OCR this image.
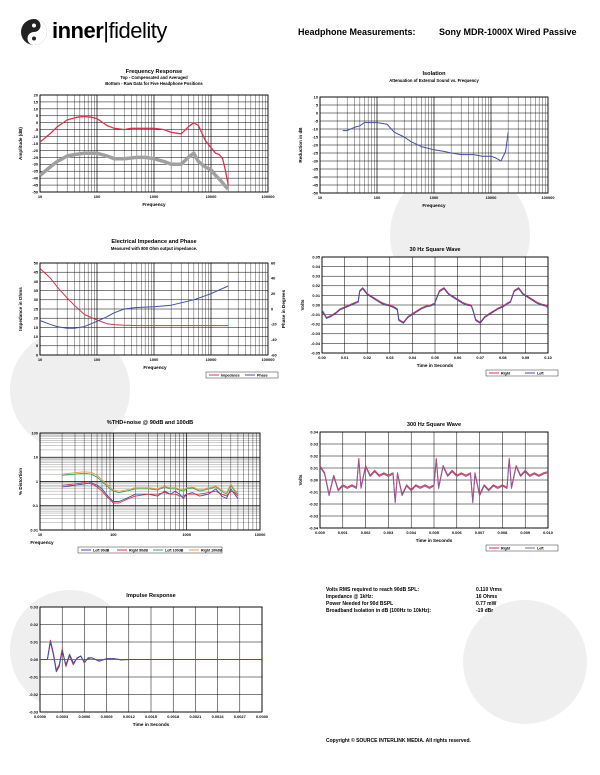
inner|fidelity	Headphone Measurements:	Sony MDR-1000X Wired Passive
Frequency Response
Top - Compensated and Averaged
Bottom - Raw Data for Five Headphone Positions
10	100	1000	10000	100000
-50
-45
-40
-35
-30
-25
-20
-15
-10
-5
0
5
10
15
20
Frequency
Amplitude (dB)
Isolation
Attenuation of External Sound vs. Frequency
10	100	1000	10000	100000
-50
-45
-40
-35
-30
-25
-20
-15
-10
-5
0
5
10
Frequency
Reduction in dB
Electrical Impedance and Phase
Measured with 800 Ohm output impedance.
10	100	1000	10000	100000
0
5
10
15
20
25
30
35
40
45
50
-60
-40
-20
0
20
40
60
Frequency
Impedance in Ohms	Phase in Degrees
Impedance	Phase
30 Hz Square Wave
0.00	0.01	0.02	0.03	0.04	0.05	0.06	0.07	0.08	0.09	0.10
-0.05
-0.04
-0.03
-0.02
-0.01
0.00
0.01
0.02
0.03
0.04
0.05
Time in Seconds
Volts
Right	Left
%THD+noise @ 90dB and 100dB
10	100	1000	10000
0.01
0.1
1
10
100
Frequency
% Distortion
Left 90dB	Right 90dB	Left 100dB	Right 100dB
300 Hz Square Wave
0.000	0.001	0.002	0.003	0.004	0.005	0.006	0.007	0.008	0.009	0.010
-0.04
-0.03
-0.02
-0.01
0.00
0.01
0.02
0.03
0.04
Time in Seconds
Volts
Right	Left
Impulse Response
0.0000	0.0003	0.0006	0.0009	0.0012	0.0015	0.0018	0.0021	0.0024	0.0027	0.0030
-0.03
-0.02
-0.01
0.00
0.01
0.02
0.03
Time in Seconds
Volts RMS required to reach 90dB SPL:	0.110 Vrms
Impedance @ 1kHz:	16 Ohms
Power Needed for 90d BSPL	0.77 mW
Broadband Isolation in dB (100Hz to 10kHz):	-19 dBr
Copyright © SOURCE INTERLINK MEDIA. All rights reserved.
